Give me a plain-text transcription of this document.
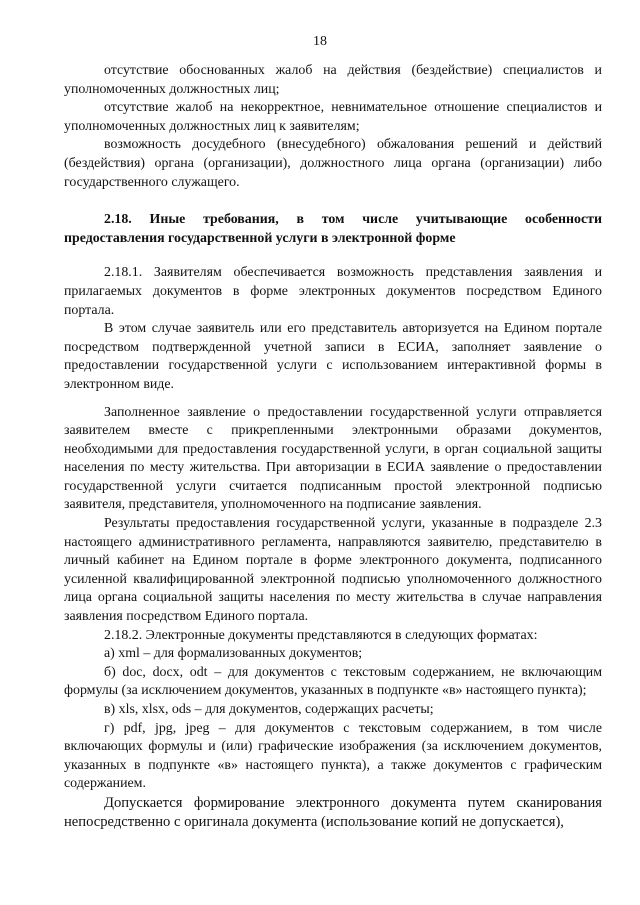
18

отсутствие обоснованных жалоб на действия (бездействие) специалистов и уполномоченных должностных лиц;

отсутствие жалоб на некорректное, невнимательное отношение специалистов и уполномоченных должностных лиц к заявителям;

возможность досудебного (внесудебного) обжалования решений и действий (бездействия) органа (организации), должностного лица органа (организации) либо государственного служащего.

2.18. Иные требования, в том числе учитывающие особенности предоставления государственной услуги в электронной форме

2.18.1. Заявителям обеспечивается возможность представления заявления и прилагаемых документов в форме электронных документов посредством Единого портала.

В этом случае заявитель или его представитель авторизуется на Едином портале посредством подтвержденной учетной записи в ЕСИА, заполняет заявление о предоставлении государственной услуги с использованием интерактивной формы в электронном виде.

Заполненное заявление о предоставлении государственной услуги отправляется заявителем вместе с прикрепленными электронными образами документов, необходимыми для предоставления государственной услуги, в орган социальной защиты населения по месту жительства. При авторизации в ЕСИА заявление о предоставлении государственной услуги считается подписанным простой электронной подписью заявителя, представителя, уполномоченного на подписание заявления.

Результаты предоставления государственной услуги, указанные в подразделе 2.3 настоящего административного регламента, направляются заявителю, представителю в личный кабинет на Едином портале в форме электронного документа, подписанного усиленной квалифицированной электронной подписью уполномоченного должностного лица органа социальной защиты населения по месту жительства в случае направления заявления посредством Единого портала.

2.18.2. Электронные документы представляются в следующих форматах:

а) xml – для формализованных документов;

б) doc, docx, odt – для документов с текстовым содержанием, не включающим формулы (за исключением документов, указанных в подпункте «в» настоящего пункта);

в) xls, xlsx, ods – для документов, содержащих расчеты;

г) pdf, jpg, jpeg – для документов с текстовым содержанием, в том числе включающих формулы и (или) графические изображения (за исключением документов, указанных в подпункте «в» настоящего пункта), а также документов с графическим содержанием.

Допускается формирование электронного документа путем сканирования непосредственно с оригинала документа (использование копий не допускается),
